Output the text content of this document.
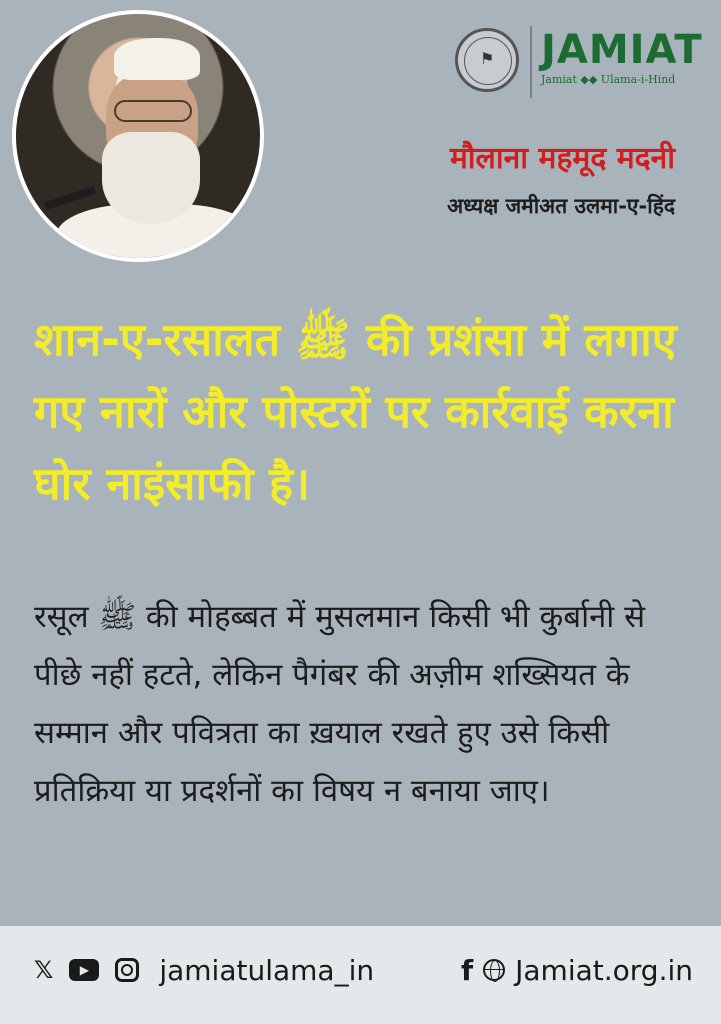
⚑ JAMIAT
Jamiat ◆◆ Ulama-i-Hind
मौलाना महमूद मदनी
अध्यक्ष जमीअत उलमा-ए-हिंद
शान-ए-रसालत ﷺ की प्रशंसा में लगाए गए नारों और पोस्टरों पर कार्रवाई करना घोर नाइंसाफी है।
रसूल ﷺ की मोहब्बत में मुसलमान किसी भी कुर्बानी से पीछे नहीं हटते, लेकिन पैगंबर की अज़ीम शख्सियत के सम्मान और पवित्रता का ख़याल रखते हुए उसे किसी प्रतिक्रिया या प्रदर्शनों का विषय न बनाया जाए।
𝕏	▶	jamiatulama_in	f Jamiat.org.in
